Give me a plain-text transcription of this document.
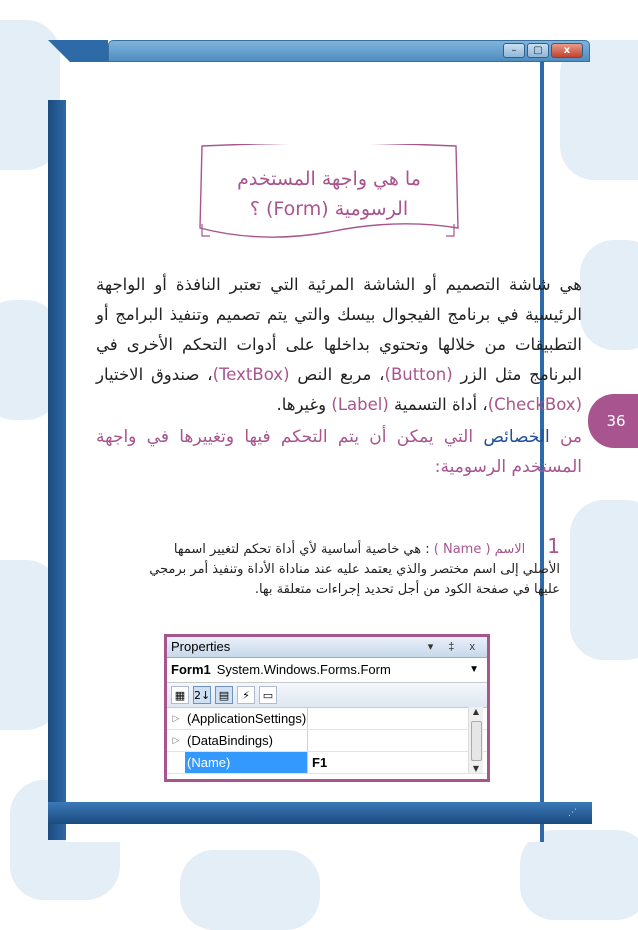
36
–	▢	x
ما هي واجهة المستخدم
الرسومية (Form) ؟
هي شاشة التصميم أو الشاشة المرئية التي تعتبر النافذة أو الواجهة الرئيسية في برنامج الفيجوال بيسك والتي يتم تصميم وتنفيذ البرامج أو التطبيقات من خلالها وتحتوي بداخلها على أدوات التحكم الأخرى في البرنامج مثل الزر (Button)، مربع النص (TextBox)، صندوق الاختيار (CheckBox)، أداة التسمية (Label) وغيرها.
من الخصائص التي يمكن أن يتم التحكم فيها وتغييرها في واجهة المستخدم الرسومية:
1الاسم ( Name ) : هي خاصية أساسية لأي أداة تحكم لتغيير اسمها الأصلي إلى اسم مختصر والذي يعتمد عليه عند مناداة الأداة وتنفيذ أمر برمجي عليها في صفحة الكود من أجل تحديد إجراءات متعلقة بها.
Properties	▾ ‡ x
Form1 System.Windows.Forms.Form	▼
▦ 2↓ ▤	⚡	▭
▷ (ApplicationSettings)
▷ (DataBindings)
(Name)	F1
▲
▼
⋰
